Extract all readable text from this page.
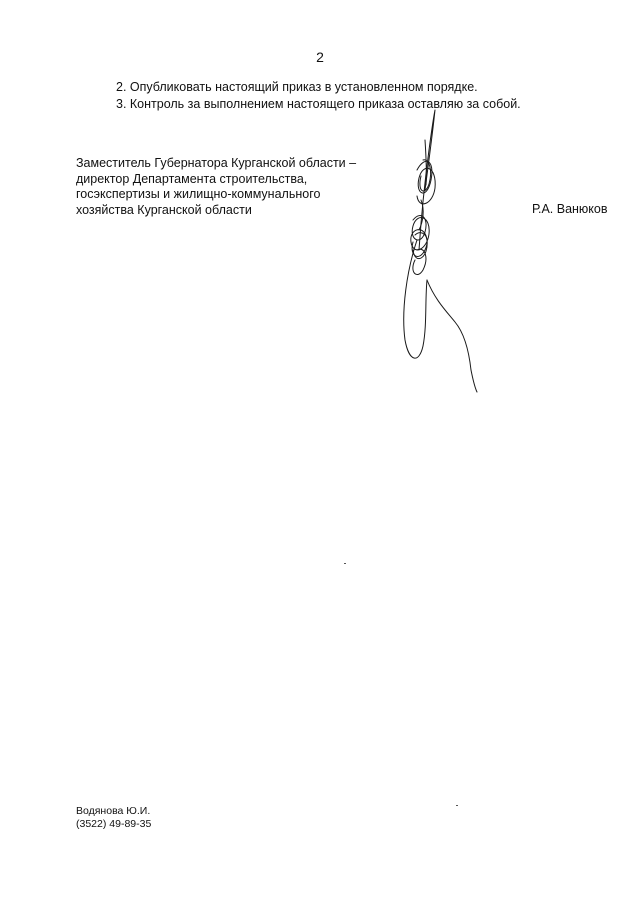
2
2. Опубликовать настоящий приказ в установленном порядке.
3. Контроль за выполнением настоящего приказа оставляю за собой.
Заместитель Губернатора Курганской области –
директор Департамента строительства,
госэкспертизы и жилищно-коммунального
хозяйства Курганской области	Р.А. Ванюков
Водянова Ю.И.
(3522) 49-89-35
